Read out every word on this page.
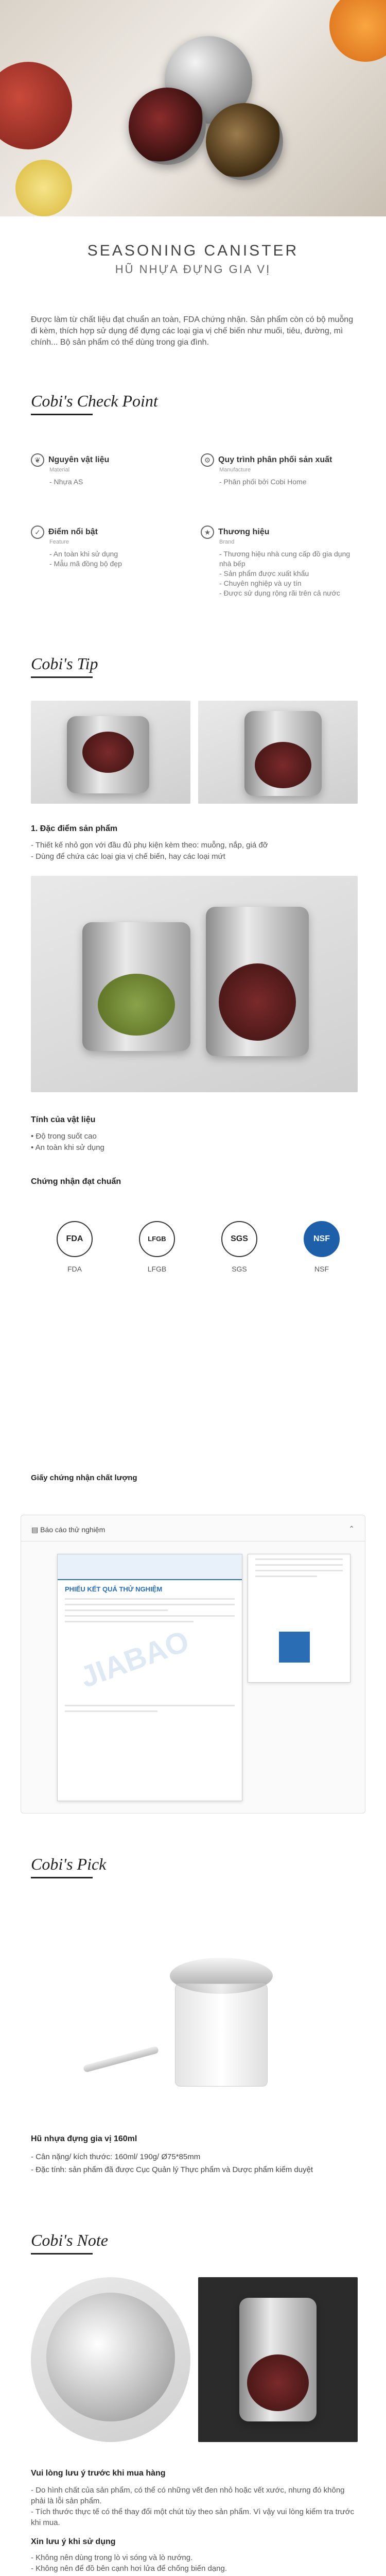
SEASONING CANISTER
HŨ NHỰA ĐỰNG GIA VỊ
Được làm từ chất liệu đạt chuẩn an toàn, FDA chứng nhận. Sản phẩm còn có bộ muỗng đi kèm, thích hợp sử dụng để đựng các loại gia vị chế biến như muối, tiêu, đường, mì chính... Bộ sản phẩm có thể dùng trong gia đình.
Cobi's Check Point
❦ Nguyên vật liệu
Material
- Nhựa AS
⚙ Quy trình phân phối sản xuất
Manufacture
- Phân phối bởi Cobi Home
✓ Điểm nổi bật
Feature
- An toàn khi sử dụng
- Mẫu mã đồng bộ đẹp
★ Thương hiệu
Brand
- Thương hiệu nhà cung cấp đồ gia dụng nhà bếp
- Sản phẩm được xuất khẩu
- Chuyên nghiệp và uy tín
- Được sử dụng rộng rãi trên cả nước
Cobi's Tip
1. Đặc điểm sản phẩm
- Thiết kế nhỏ gọn với đầu đủ phụ kiện kèm theo: muỗng, nắp, giá đỡ
- Dùng để chứa các loại gia vị chế biến, hay các loại mứt
Tính của vật liệu
• Độ trong suốt cao
• An toàn khi sử dụng
Chứng nhận đạt chuẩn
FDA	LFGB	SGS	NSF
FDA	LFGB	SGS	NSF
Giấy chứng nhận chất lượng
▤ Báo cáo thử nghiệm	⌃
PHIẾU KẾT QUẢ THỬ NGHIỆM
JIABAO
Cobi's Pick
Hũ nhựa đựng gia vị 160ml
- Cân nặng/ kích thước: 160ml/ 190g/ Ø75*85mm
- Đặc tính: sản phẩm đã được Cục Quản lý Thực phẩm và Dược phẩm kiểm duyệt
Cobi's Note
Vui lòng lưu ý trước khi mua hàng
- Do hình chất của sản phẩm, có thể có những vết đen nhỏ hoặc vết xước, nhưng đó không phải là lỗi sản phẩm.
- Tích thước thực tế có thể thay đổi một chút tùy theo sản phẩm. Vì vậy vui lòng kiểm tra trước khi mua.
Xin lưu ý khi sử dụng
- Không nên dùng trong lò vi sóng và lò nướng.
- Không nên để đồ bên cạnh hơi lửa để chống biến dạng.
